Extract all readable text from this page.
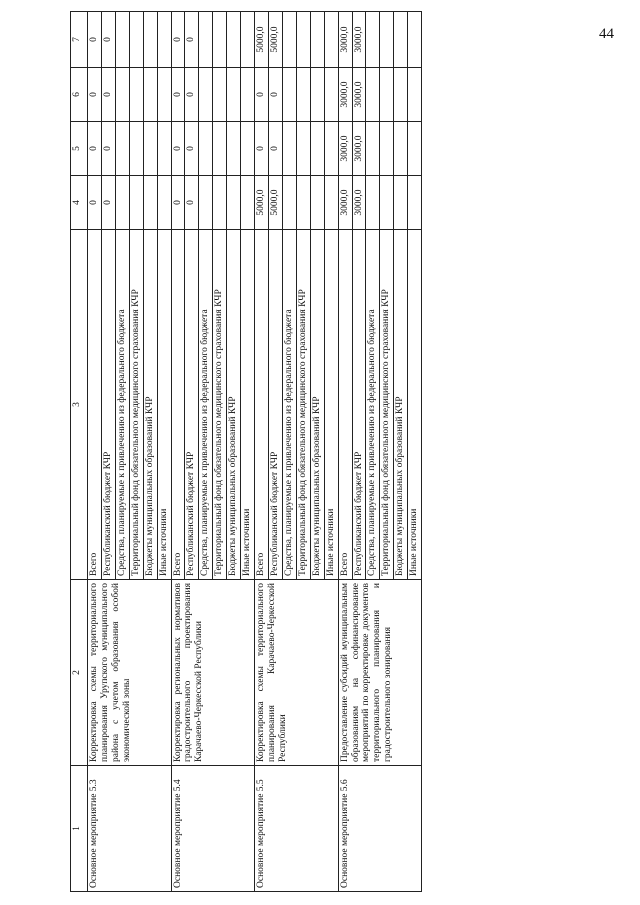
44
1	2	3	4	5	6	7
Основное мероприятие 5.3	Корректировка схемы территориального планирования Урупского муниципального района с учетом образования особой экономической зоны	Всего	0	0	0	0
		Республиканский бюджет КЧР	0	0	0	0
		Средства, планируемые к привлечению из федерального бюджета				
		Территориальный фонд обязательного медицинского страхования КЧР				
		Бюджеты муниципальных образований КЧР				
		Иные источники				
Основное мероприятие 5.4	Корректировка региональных нормативов градостроительного проектирования Карачаево-Черкесской Республики	Всего	0	0	0	0
		Республиканский бюджет КЧР	0	0	0	0
		Средства, планируемые к привлечению из федерального бюджета				
		Территориальный фонд обязательного медицинского страхования КЧР				
		Бюджеты муниципальных образований КЧР				
		Иные источники				
Основное мероприятие 5.5	Корректировка схемы территориального планирования Карачаево-Черкесской Республики	Всего	5000,0	0	0	5000,0
		Республиканский бюджет КЧР	5000,0	0	0	5000,0
		Средства, планируемые к привлечению из федерального бюджета				
		Территориальный фонд обязательного медицинского страхования КЧР				
		Бюджеты муниципальных образований КЧР				
		Иные источники				
Основное мероприятие 5.6	Предоставление субсидий муниципальным образованиям на софинансирование мероприятий по корректировке документов территориального планирования и градостроительного зонирования	Всего	3000,0	3000,0	3000,0	3000,0
		Республиканский бюджет КЧР	3000,0	3000,0	3000,0	3000,0
		Средства, планируемые к привлечению из федерального бюджета				
		Территориальный фонд обязательного медицинского страхования КЧР				
		Бюджеты муниципальных образований КЧР				
		Иные источники				
